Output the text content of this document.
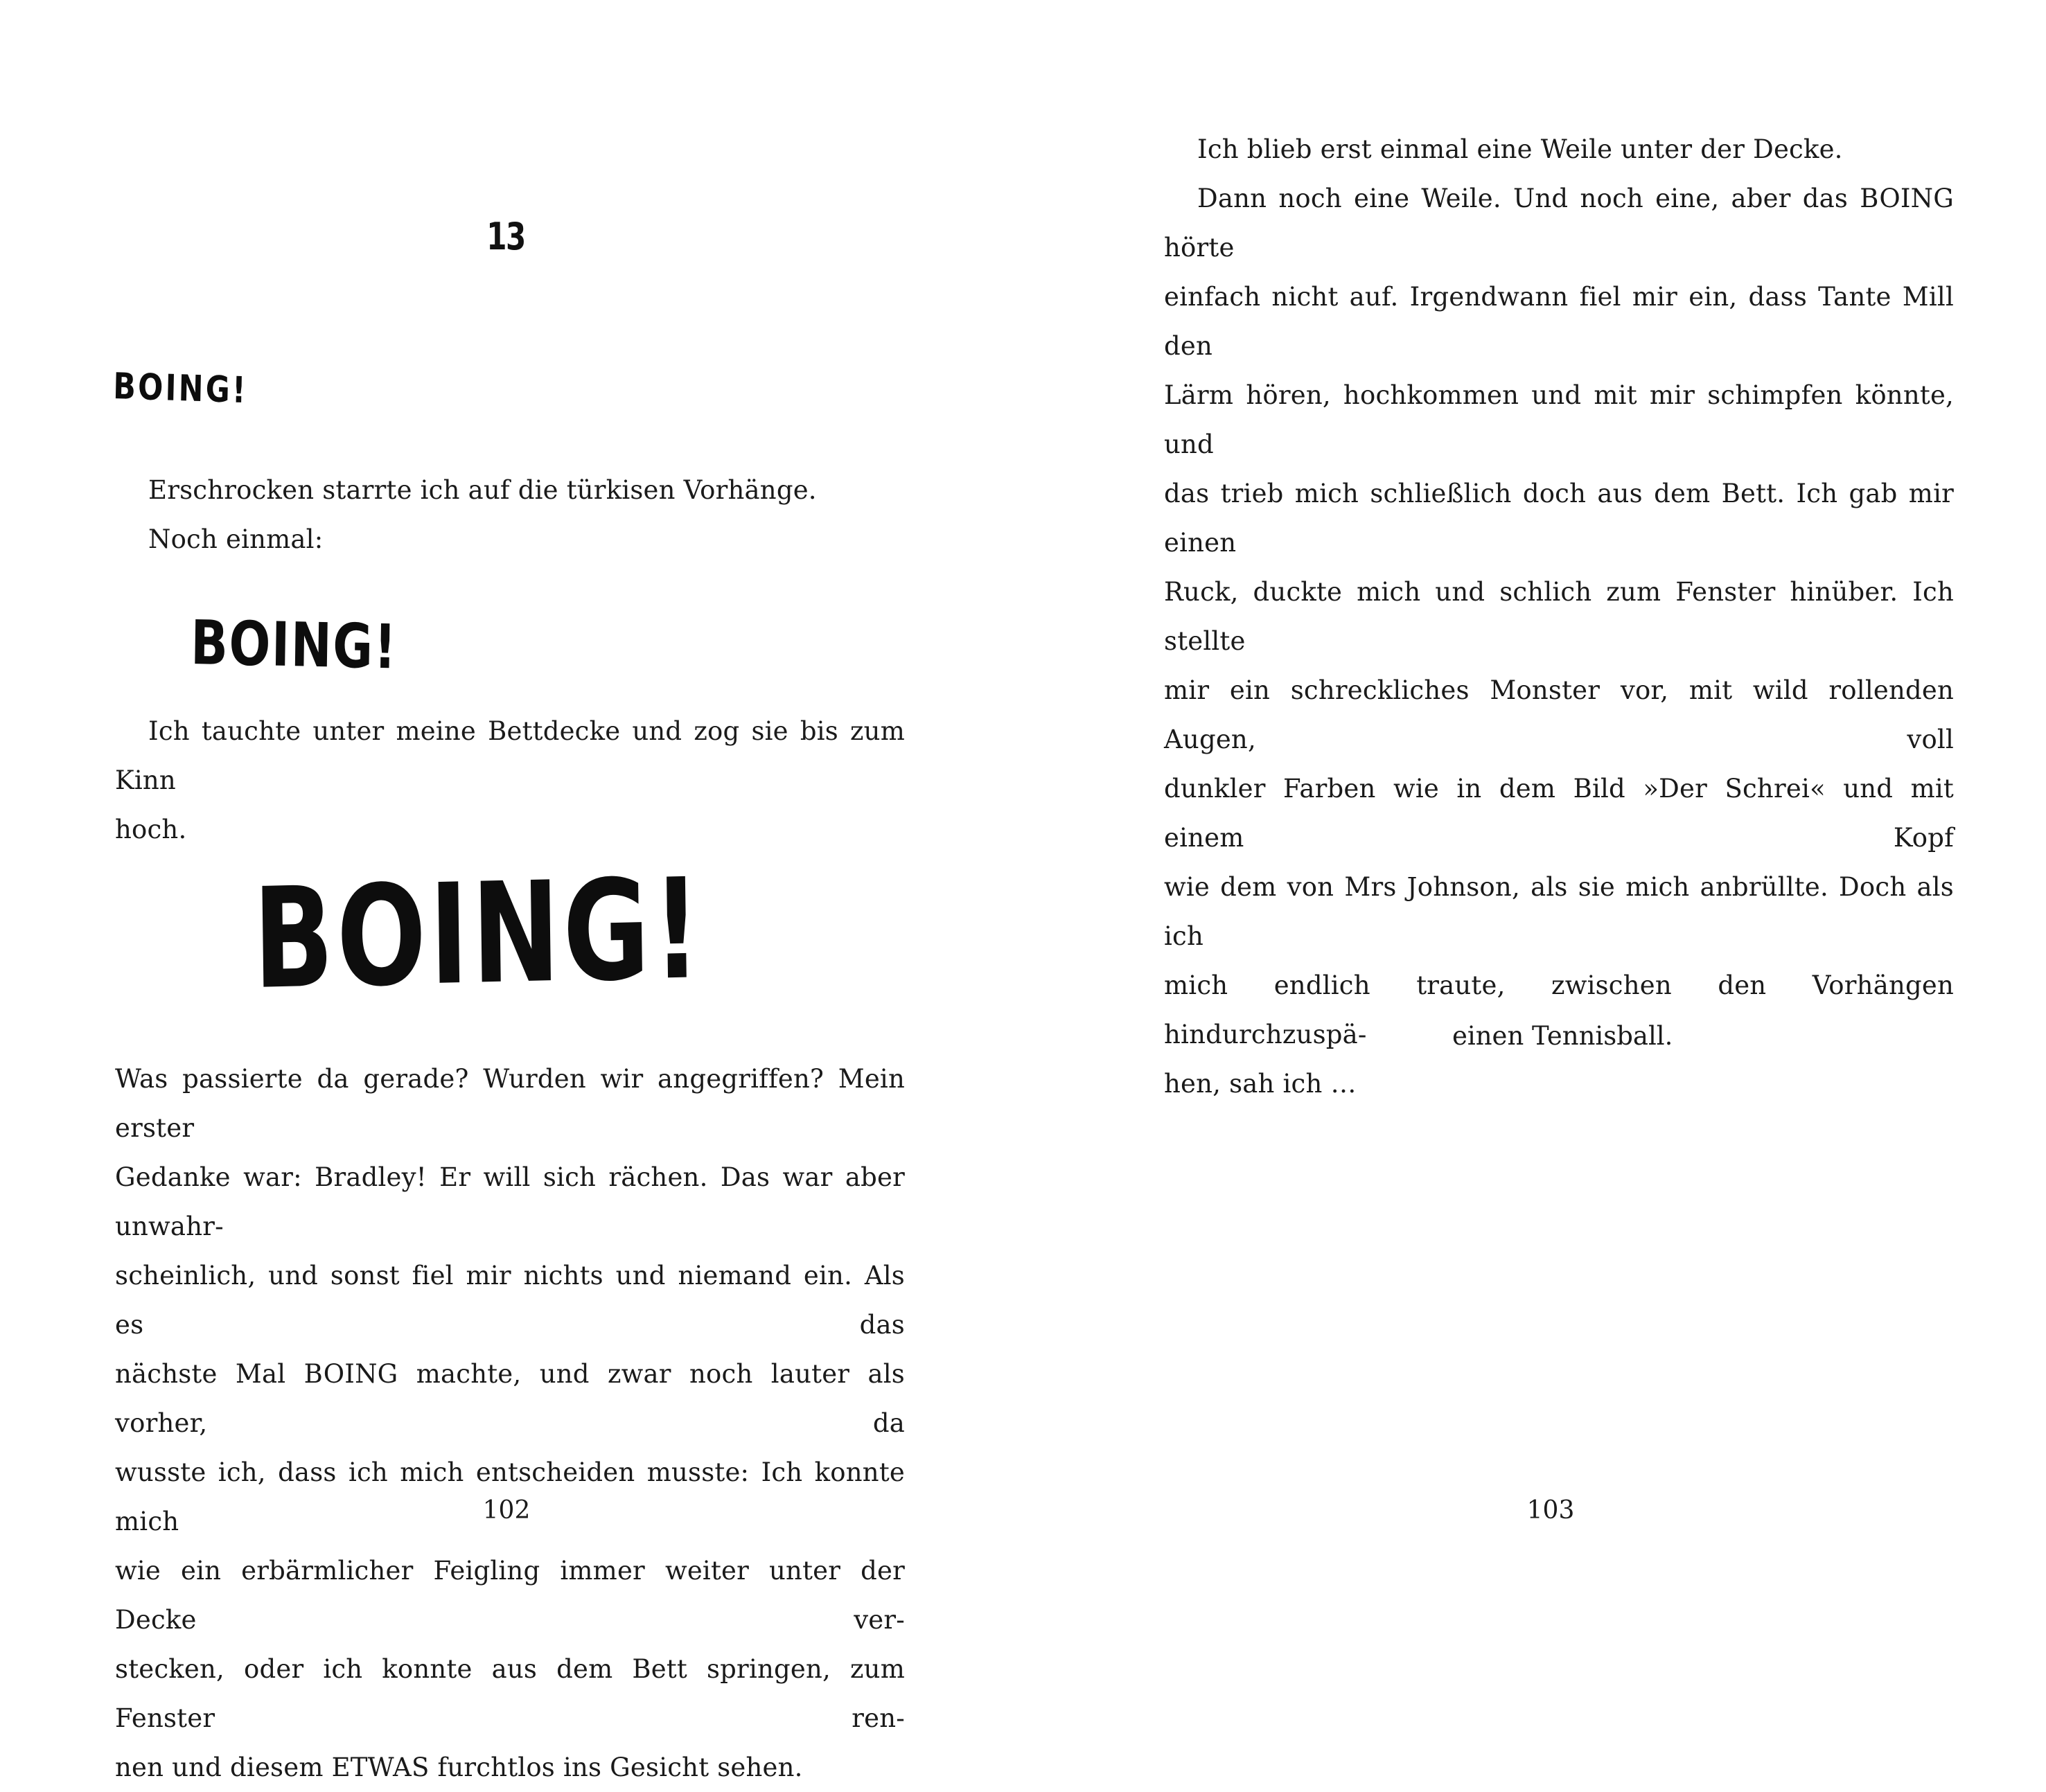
13
BOING!

Erschrocken starrte ich auf die türkisen Vorhänge.
Noch einmal:

BOING!

Ich tauchte unter meine Bettdecke und zog sie bis zum Kinn
hoch.

BOING!

Was passierte da gerade? Wurden wir angegriffen? Mein erster
Gedanke war: Bradley! Er will sich rächen. Das war aber unwahr-
scheinlich, und sonst fiel mir nichts und niemand ein. Als es das
nächste Mal BOING machte, und zwar noch lauter als vorher, da
wusste ich, dass ich mich entscheiden musste: Ich konnte mich
wie ein erbärmlicher Feigling immer weiter unter der Decke ver-
stecken, oder ich konnte aus dem Bett springen, zum Fenster ren-
nen und diesem ETWAS furchtlos ins Gesicht sehen.

102

Ich blieb erst einmal eine Weile unter der Decke.
Dann noch eine Weile. Und noch eine, aber das BOING hörte
einfach nicht auf. Irgendwann fiel mir ein, dass Tante Mill den
Lärm hören, hochkommen und mit mir schimpfen könnte, und
das trieb mich schließlich doch aus dem Bett. Ich gab mir einen
Ruck, duckte mich und schlich zum Fenster hinüber. Ich stellte
mir ein schreckliches Monster vor, mit wild rollenden Augen, voll
dunkler Farben wie in dem Bild »Der Schrei« und mit einem Kopf
wie dem von Mrs Johnson, als sie mich anbrüllte. Doch als ich
mich endlich traute, zwischen den Vorhängen hindurchzuspä-
hen, sah ich …

einen Tennisball.
103
